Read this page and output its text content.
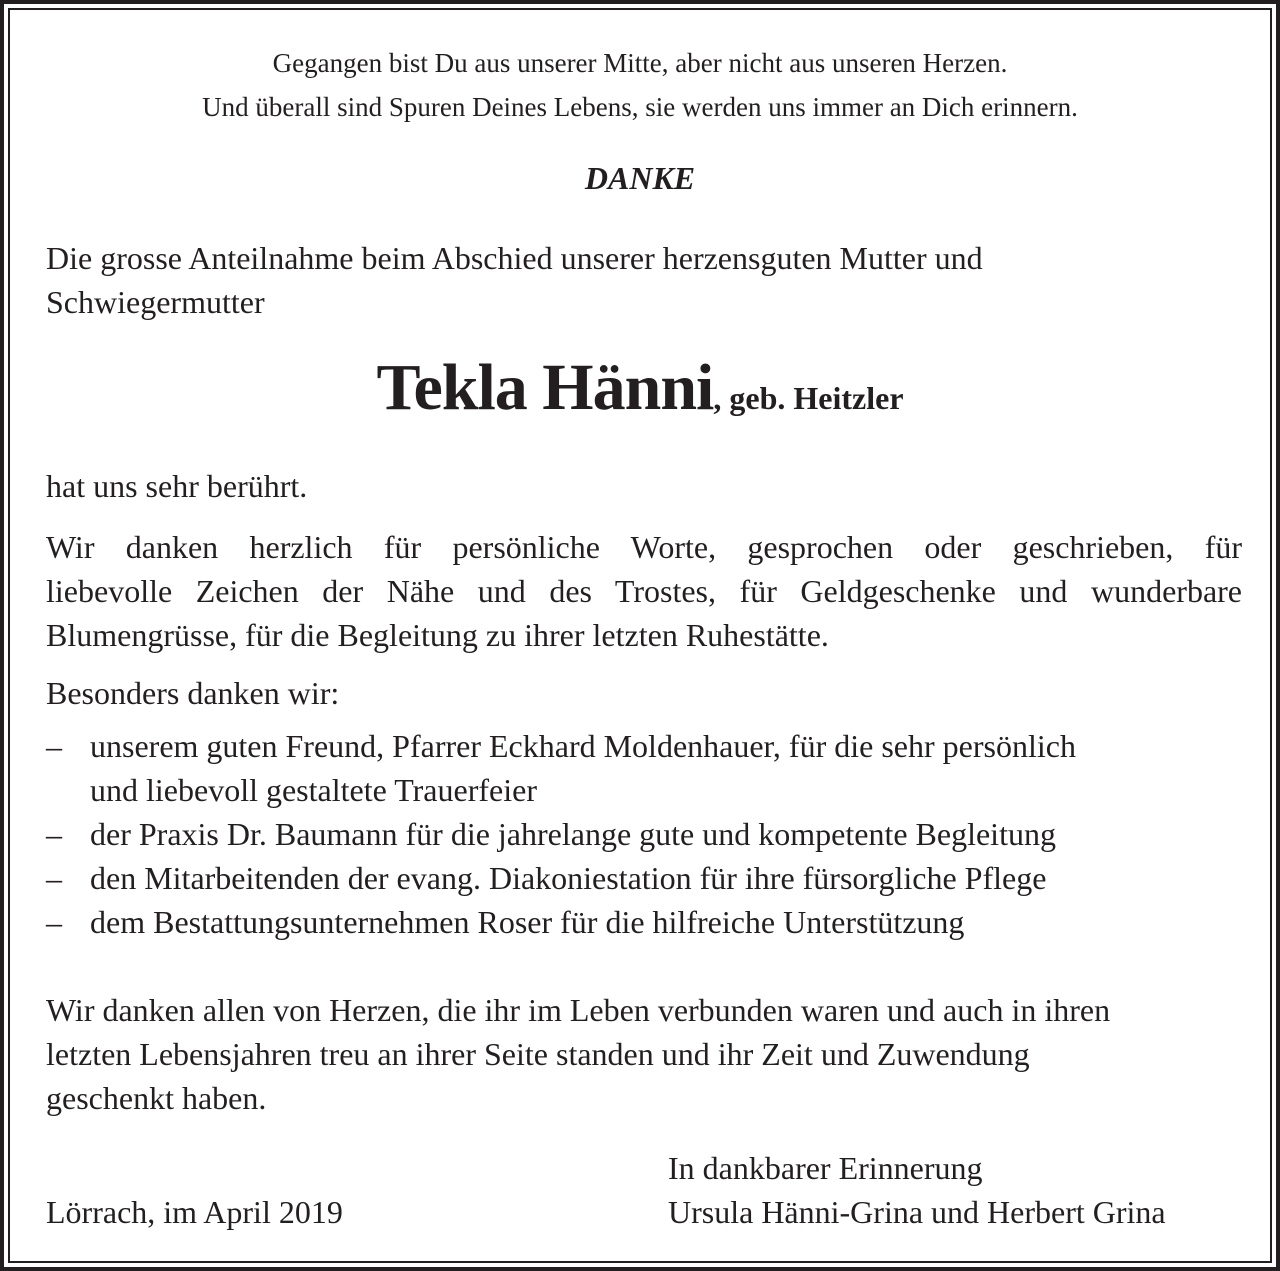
Gegangen bist Du aus unserer Mitte, aber nicht aus unseren Herzen.
Und überall sind Spuren Deines Lebens, sie werden uns immer an Dich erinnern.
DANKE
Die grosse Anteilnahme beim Abschied unserer herzensguten Mutter und
Schwiegermutter
Tekla Hänni, geb. Heitzler
hat uns sehr berührt.
Wir danken herzlich für persönliche Worte, gesprochen oder geschrieben, für
liebevolle Zeichen der Nähe und des Trostes, für Geldgeschenke und wunderbare
Blumengrüsse, für die Begleitung zu ihrer letzten Ruhestätte.
Besonders danken wir:
– unserem guten Freund, Pfarrer Eckhard Moldenhauer, für die sehr persönlich
und liebevoll gestaltete Trauerfeier
– der Praxis Dr. Baumann für die jahrelange gute und kompetente Begleitung
– den Mitarbeitenden der evang. Diakoniestation für ihre fürsorgliche Pflege
– dem Bestattungsunternehmen Roser für die hilfreiche Unterstützung
Wir danken allen von Herzen, die ihr im Leben verbunden waren und auch in ihren
letzten Lebensjahren treu an ihrer Seite standen und ihr Zeit und Zuwendung
geschenkt haben.
In dankbarer Erinnerung
Lörrach, im April 2019	Ursula Hänni-Grina und Herbert Grina
